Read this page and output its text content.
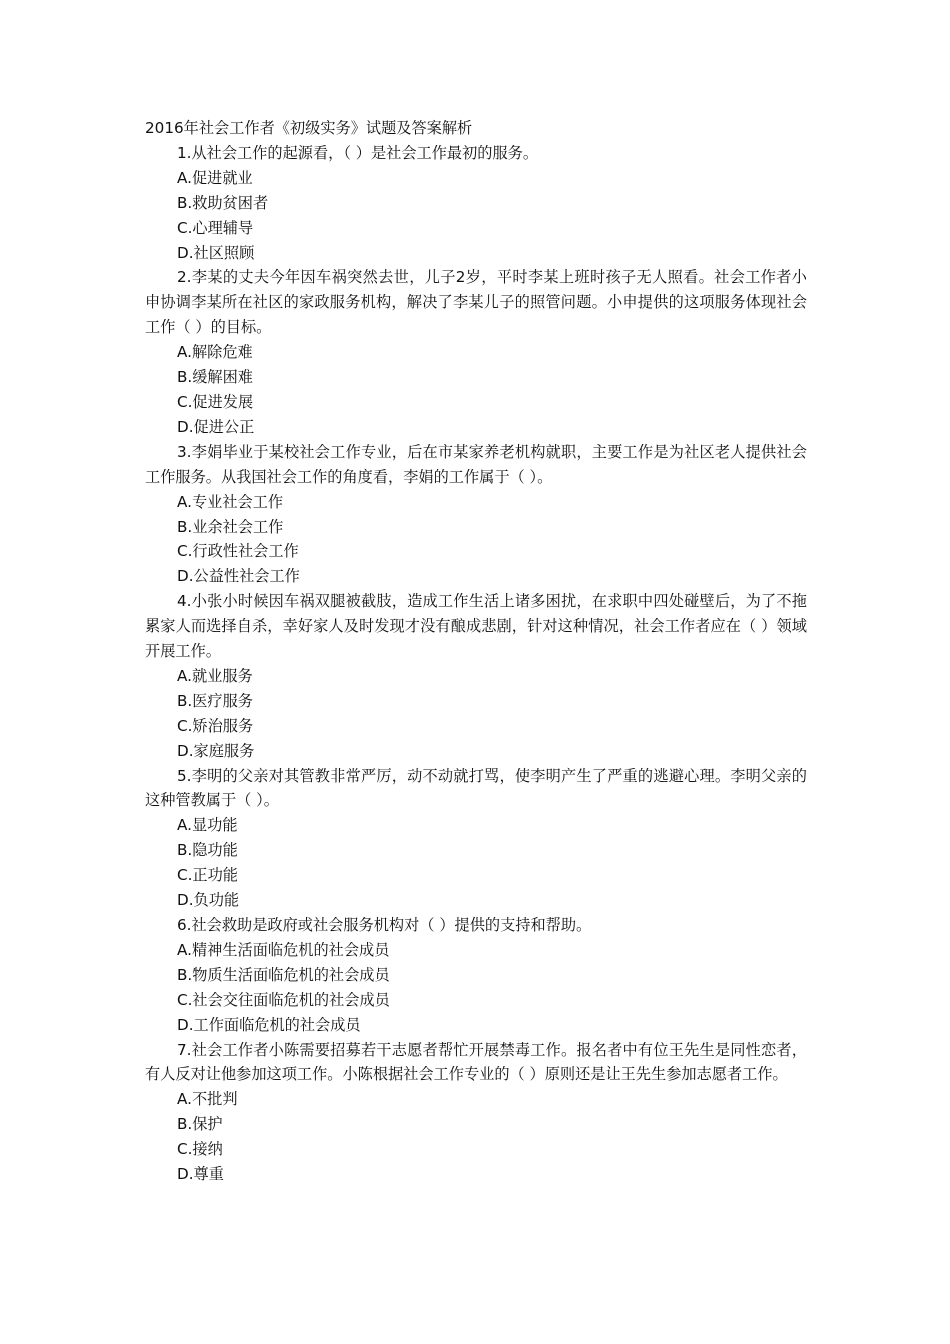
2016年社会工作者《初级实务》试题及答案解析

1.从社会工作的起源看，（ ）是社会工作最初的服务。

A.促进就业
B.救助贫困者
C.心理辅导
D.社区照顾

2.李某的丈夫今年因车祸突然去世，儿子2岁，平时李某上班时孩子无人照看。社会工作者小申协调李某所在社区的家政服务机构，解决了李某儿子的照管问题。小申提供的这项服务体现社会工作（ ）的目标。

A.解除危难
B.缓解困难
C.促进发展
D.促进公正

3.李娟毕业于某校社会工作专业，后在市某家养老机构就职，主要工作是为社区老人提供社会工作服务。从我国社会工作的角度看，李娟的工作属于（ ）。

A.专业社会工作
B.业余社会工作
C.行政性社会工作
D.公益性社会工作

4.小张小时候因车祸双腿被截肢，造成工作生活上诸多困扰，在求职中四处碰壁后，为了不拖累家人而选择自杀，幸好家人及时发现才没有酿成悲剧，针对这种情况，社会工作者应在（ ）领域开展工作。

A.就业服务
B.医疗服务
C.矫治服务
D.家庭服务

5.李明的父亲对其管教非常严厉，动不动就打骂，使李明产生了严重的逃避心理。李明父亲的这种管教属于（ ）。

A.显功能
B.隐功能
C.正功能
D.负功能

6.社会救助是政府或社会服务机构对（ ）提供的支持和帮助。

A.精神生活面临危机的社会成员
B.物质生活面临危机的社会成员
C.社会交往面临危机的社会成员
D.工作面临危机的社会成员

7.社会工作者小陈需要招募若干志愿者帮忙开展禁毒工作。报名者中有位王先生是同性恋者，有人反对让他参加这项工作。小陈根据社会工作专业的（ ）原则还是让王先生参加志愿者工作。

A.不批判
B.保护
C.接纳
D.尊重
